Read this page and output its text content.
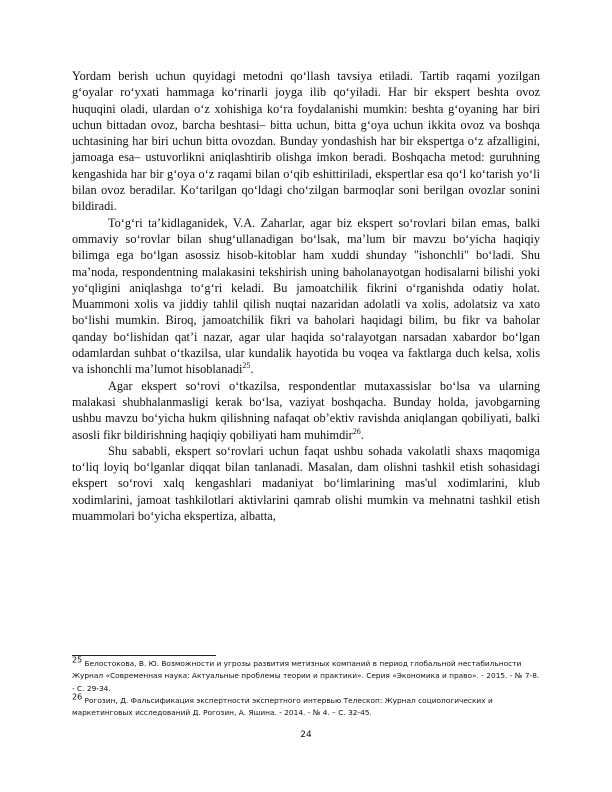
Yordam berish uchun quyidagi metodni qo‘llash tavsiya etiladi. Tartib raqami yozilgan g‘oyalar ro‘yxati hammaga ko‘rinarli joyga ilib qo‘yiladi. Har bir ekspert beshta ovoz huquqini oladi, ulardan o‘z xohishiga ko‘ra foydalanishi mumkin: beshta g‘oyaning har biri uchun bittadan ovoz, barcha beshtasi– bitta uchun, bitta g‘oya uchun ikkita ovoz va boshqa uchtasining har biri uchun bitta ovozdan. Bunday yondashish har bir ekspertga o‘z afzalligini, jamoaga esa– ustuvorlikni aniqlashtirib olishga imkon beradi. Boshqacha metod: guruhning kengashida har bir g‘oya o‘z raqami bilan o‘qib eshittiriladi, ekspertlar esa qo‘l ko‘tarish yo‘li bilan ovoz beradilar. Ko‘tarilgan qo‘ldagi cho‘zilgan barmoqlar soni berilgan ovozlar sonini bildiradi.

To‘g‘ri ta’kidlaganidek, V.A. Zaharlar, agar biz ekspert so‘rovlari bilan emas, balki ommaviy so‘rovlar bilan shug‘ullanadigan bo‘lsak, ma’lum bir mavzu bo‘yicha haqiqiy bilimga ega bo‘lgan asossiz hisob-kitoblar ham xuddi shunday "ishonchli" bo‘ladi. Shu ma’noda, respondentning malakasini tekshirish uning baholanayotgan hodisalarni bilishi yoki yo‘qligini aniqlashga to‘g‘ri keladi. Bu jamoatchilik fikrini o‘rganishda odatiy holat. Muammoni xolis va jiddiy tahlil qilish nuqtai nazaridan adolatli va xolis, adolatsiz va xato bo‘lishi mumkin. Biroq, jamoatchilik fikri va baholari haqidagi bilim, bu fikr va baholar qanday bo‘lishidan qat’i nazar, agar ular haqida so‘ralayotgan narsadan xabardor bo‘lgan odamlardan suhbat o‘tkazilsa, ular kundalik hayotida bu voqea va faktlarga duch kelsa, xolis va ishonchli ma’lumot hisoblanadi$^{25}$.

Agar ekspert so‘rovi o‘tkazilsa, respondentlar mutaxassislar bo‘lsa va ularning malakasi shubhalanmasligi kerak bo‘lsa, vaziyat boshqacha. Bunday holda, javobgarning ushbu mavzu bo‘yicha hukm qilishning nafaqat ob’ektiv ravishda aniqlangan qobiliyati, balki asosli fikr bildirishning haqiqiy qobiliyati ham muhimdir$^{26}$.

Shu sababli, ekspert so‘rovlari uchun faqat ushbu sohada vakolatli shaxs maqomiga to‘liq loyiq bo‘lganlar diqqat bilan tanlanadi. Masalan, dam olishni tashkil etish sohasidagi ekspert so‘rovi xalq kengashlari madaniyat bo‘limlarining mas'ul xodimlarini, klub xodimlarini, jamoat tashkilotlari aktivlarini qamrab olishi mumkin va mehnatni tashkil etish muammolari bo‘yicha ekspertiza, albatta,

$^{25}$ Белостокова, В. Ю. Возможности и угрозы развития метизных компаний в период глобальной нестабильности Журнал «Современная наука: Актуальные проблемы теории и практики». Серия «Экономика и право». - 2015. - № 7-8. - С. 29-34.

$^{26}$ Рогозин, Д. Фальсификация экспертности экспертного интервью Телескоп: Журнал социологических и маркетинговых исследований Д. Рогозин, А. Яшина. - 2014. - № 4. – С. 32-45.

24
